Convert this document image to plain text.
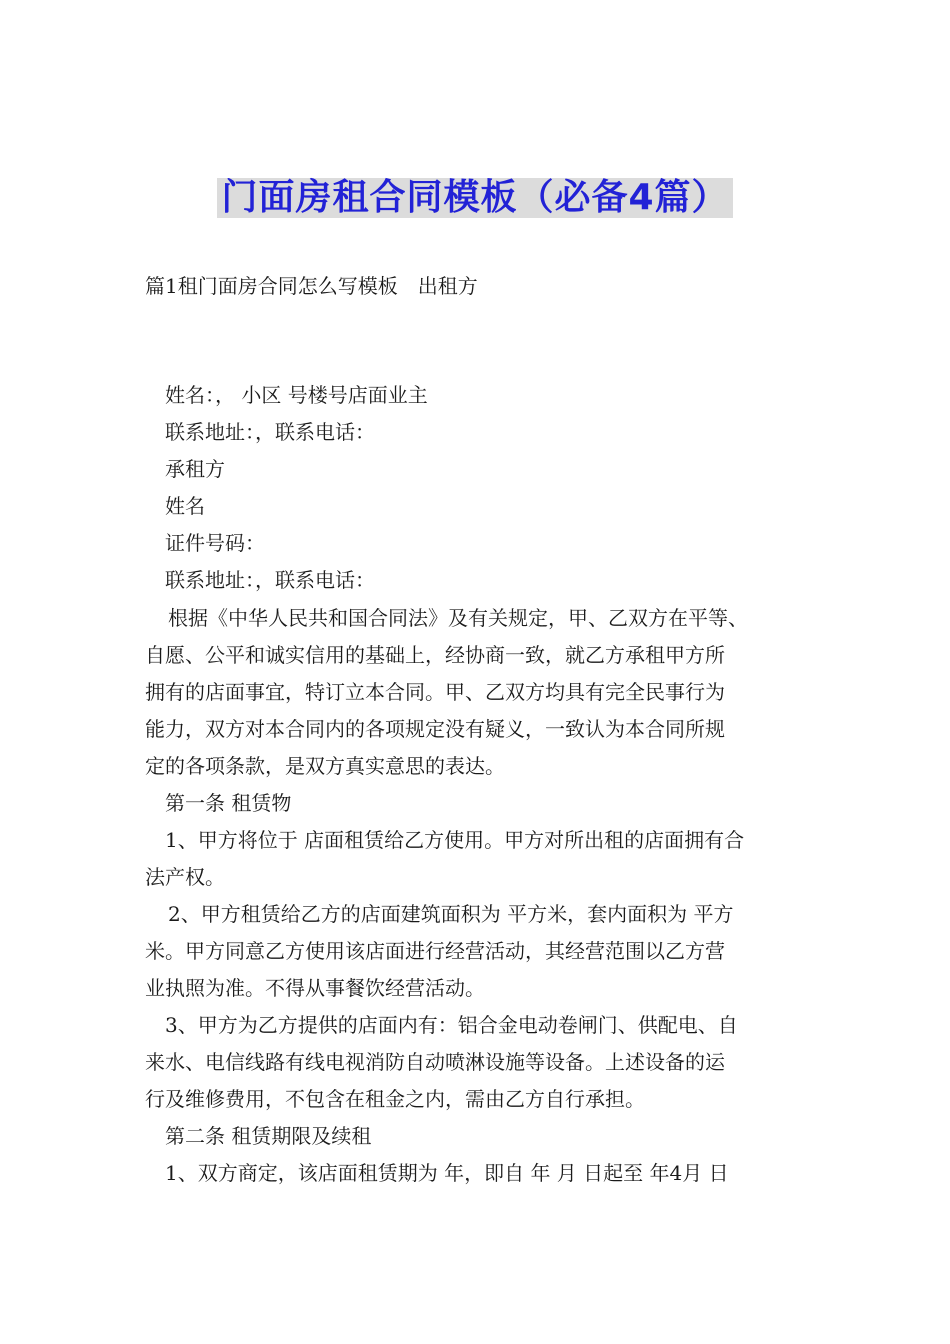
门面房租合同模板（必备4篇）
篇1租门面房合同怎么写模板　出租方
姓名：， 小区 号楼号店面业主
联系地址：，联系电话：
承租方
姓名
证件号码：
联系地址：，联系电话：
根据《中华人民共和国合同法》及有关规定，甲、乙双方在平等、
自愿、公平和诚实信用的基础上，经协商一致，就乙方承租甲方所
拥有的店面事宜，特订立本合同。甲、乙双方均具有完全民事行为
能力，双方对本合同内的各项规定没有疑义，一致认为本合同所规
定的各项条款，是双方真实意思的表达。
第一条 租赁物
1、甲方将位于 店面租赁给乙方使用。甲方对所出租的店面拥有合
法产权。
2、甲方租赁给乙方的店面建筑面积为 平方米，套内面积为 平方
米。甲方同意乙方使用该店面进行经营活动，其经营范围以乙方营
业执照为准。不得从事餐饮经营活动。
3、甲方为乙方提供的店面内有：铝合金电动卷闸门、供配电、自
来水、电信线路有线电视消防自动喷淋设施等设备。上述设备的运
行及维修费用，不包含在租金之内，需由乙方自行承担。
第二条 租赁期限及续租
1、双方商定，该店面租赁期为 年，即自 年 月 日起至 年4月 日
